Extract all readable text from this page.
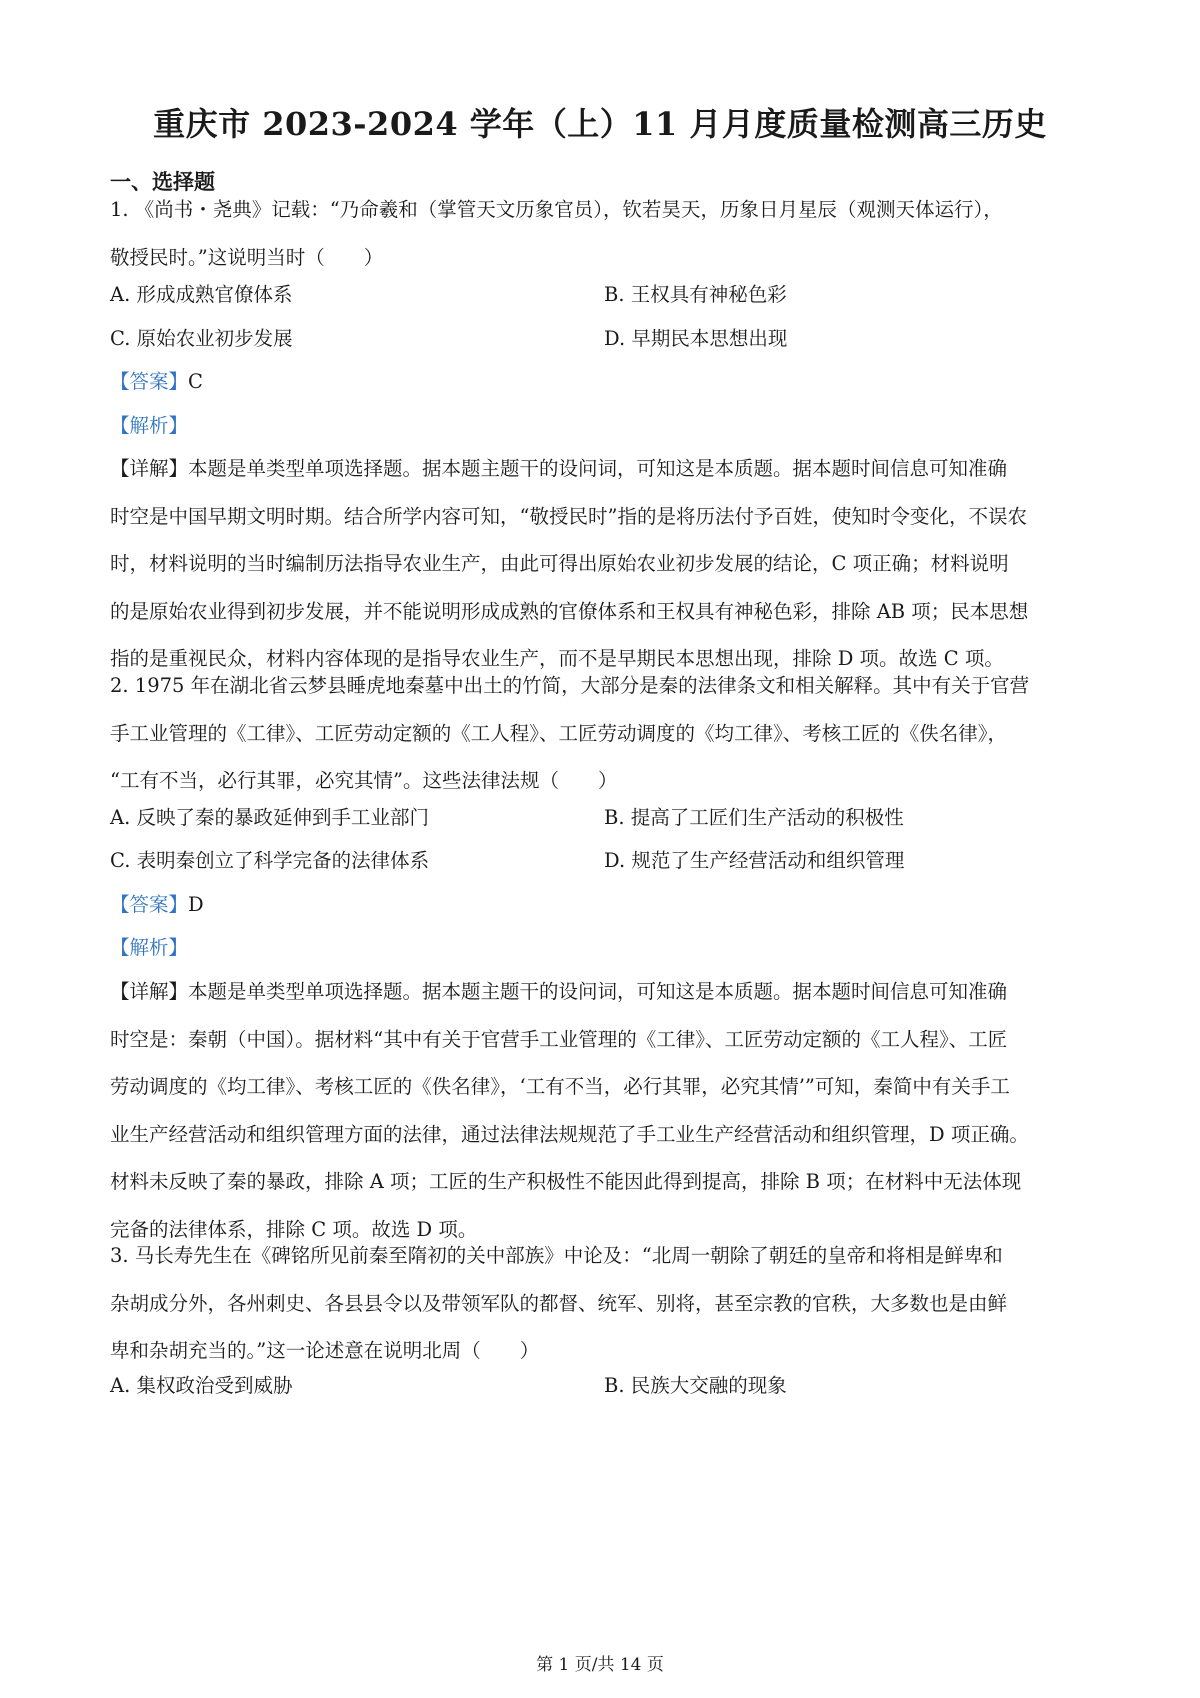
重庆市 2023-2024 学年（上）11 月月度质量检测高三历史
一、选择题
1. 《尚书・尧典》记载：“乃命羲和（掌管天文历象官员），钦若昊天，历象日月星辰（观测天体运行），
敬授民时。”这说明当时（　　）
A. 形成成熟官僚体系	B. 王权具有神秘色彩
C. 原始农业初步发展	D. 早期民本思想出现
【答案】C
【解析】
【详解】本题是单类型单项选择题。据本题主题干的设问词，可知这是本质题。据本题时间信息可知准确
时空是中国早期文明时期。结合所学内容可知，“敬授民时”指的是将历法付予百姓，使知时令变化，不误农
时，材料说明的当时编制历法指导农业生产，由此可得出原始农业初步发展的结论，C 项正确；材料说明
的是原始农业得到初步发展，并不能说明形成成熟的官僚体系和王权具有神秘色彩，排除 AB 项；民本思想
指的是重视民众，材料内容体现的是指导农业生产，而不是早期民本思想出现，排除 D 项。故选 C 项。
2. 1975 年在湖北省云梦县睡虎地秦墓中出土的竹简，大部分是秦的法律条文和相关解释。其中有关于官营
手工业管理的《工律》、工匠劳动定额的《工人程》、工匠劳动调度的《均工律》、考核工匠的《佚名律》，
“工有不当，必行其罪，必究其情”。这些法律法规（　　）
A. 反映了秦的暴政延伸到手工业部门	B. 提高了工匠们生产活动的积极性
C. 表明秦创立了科学完备的法律体系	D. 规范了生产经营活动和组织管理
【答案】D
【解析】
【详解】本题是单类型单项选择题。据本题主题干的设问词，可知这是本质题。据本题时间信息可知准确
时空是：秦朝（中国）。据材料“其中有关于官营手工业管理的《工律》、工匠劳动定额的《工人程》、工匠
劳动调度的《均工律》、考核工匠的《佚名律》，‘工有不当，必行其罪，必究其情’”可知，秦简中有关手工
业生产经营活动和组织管理方面的法律，通过法律法规规范了手工业生产经营活动和组织管理，D 项正确。
材料未反映了秦的暴政，排除 A 项；工匠的生产积极性不能因此得到提高，排除 B 项；在材料中无法体现
完备的法律体系，排除 C 项。故选 D 项。
3. 马长寿先生在《碑铭所见前秦至隋初的关中部族》中论及：“北周一朝除了朝廷的皇帝和将相是鲜卑和
杂胡成分外，各州刺史、各县县令以及带领军队的都督、统军、别将，甚至宗教的官秩，大多数也是由鲜
卑和杂胡充当的。”这一论述意在说明北周（　　）
A. 集权政治受到威胁	B. 民族大交融的现象
第 1 页/共 14 页
